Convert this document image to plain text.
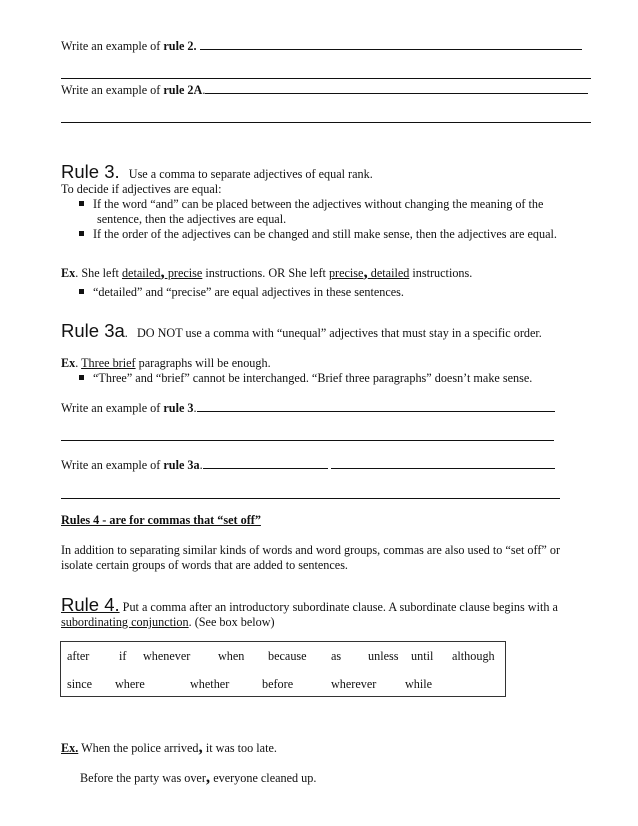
Write an example of rule 2.
Write an example of rule 2A.
Rule 3. Use a comma to separate adjectives of equal rank.
To decide if adjectives are equal:
If the word “and” can be placed between the adjectives without changing the meaning of the
sentence, then the adjectives are equal.
If the order of the adjectives can be changed and still make sense, then the adjectives are equal.
Ex. She left detailed, precise instructions. OR She left precise, detailed instructions.
“detailed” and “precise” are equal adjectives in these sentences.
Rule 3a. DO NOT use a comma with “unequal” adjectives that must stay in a specific order.
Ex. Three brief paragraphs will be enough.
“Three” and “brief” cannot be interchanged. “Brief three paragraphs” doesn’t make sense.
Write an example of rule 3.
Write an example of rule 3a.
Rules 4 - are for commas that “set off”
In addition to separating similar kinds of words and word groups, commas are also used to “set off” or
isolate certain groups of words that are added to sentences.
Rule 4. Put a comma after an introductory subordinate clause. A subordinate clause begins with a
subordinating conjunction. (See box below)
after if whenever when because as unless until although
since where	whether	before	wherever while
Ex. When the police arrived, it was too late.
Before the party was over, everyone cleaned up.
